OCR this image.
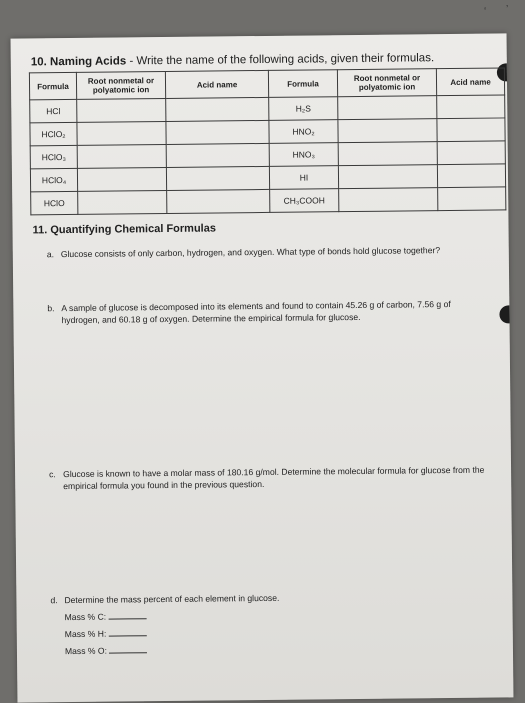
‘ ’
10. Naming Acids - Write the name of the following acids, given their formulas.
Formula	Root nonmetal or polyatomic ion	Acid name	Formula	Root nonmetal or polyatomic ion	Acid name
HCl			H₂S		
HClO₂			HNO₂		
HClO₃			HNO₃		
HClO₄			HI		
HClO			CH₃COOH		
11. Quantifying Chemical Formulas
a. Glucose consists of only carbon, hydrogen, and oxygen. What type of bonds hold glucose together?
b. A sample of glucose is decomposed into its elements and found to contain 45.26 g of carbon, 7.56 g of hydrogen, and 60.18 g of oxygen. Determine the empirical formula for glucose.
c. Glucose is known to have a molar mass of 180.16 g/mol. Determine the molecular formula for glucose from the empirical formula you found in the previous question.
d. Determine the mass percent of each element in glucose.
Mass % C:
Mass % H:
Mass % O:
